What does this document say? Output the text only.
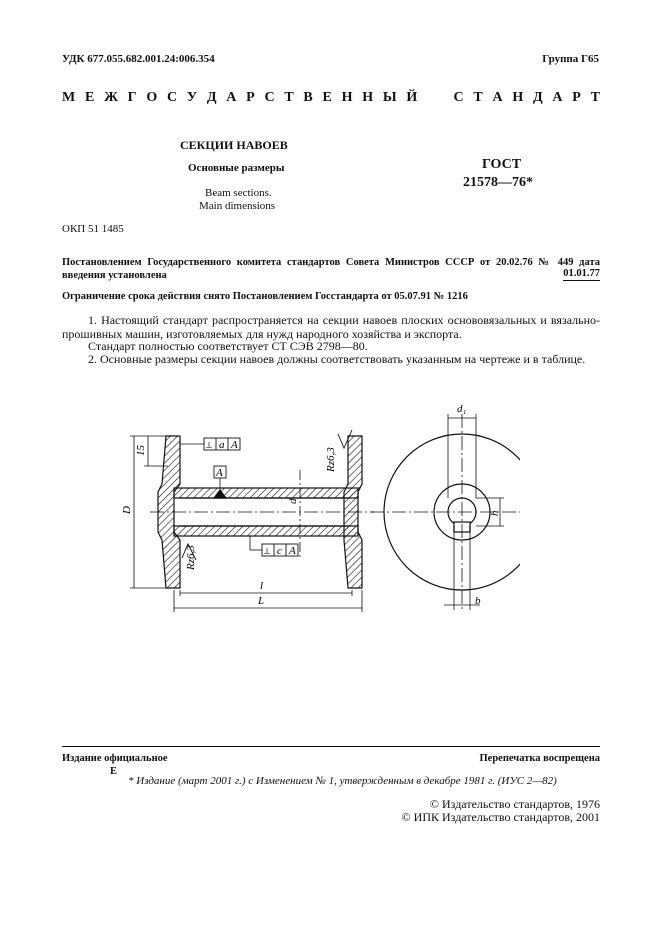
УДК 677.055.682.001.24:006.354	Группа Г65
М Е Ж Г О С У Д А Р С Т В Е Н Н Ы Й

	С Т А Н Д А Р Т
СЕКЦИИ НАВОЕВ
Основные размеры
Beam sections.
Main dimensions
ГОСТ
21578—76*
ОКП 51 1485
Постановлением Государственного комитета стандартов Совета Министров СССР от 20.02.76 № 449 дата введения установлена	01.01.77
Ограничение срока действия снято Постановлением Госстандарта от 05.07.91 № 1216
1. Настоящий стандарт распространяется на секции навоев плоских основовязальных и вязально-прошивных машин, изготовляемых для нужд народного хозяйства и экспорта.
Стандарт полностью соответствует СТ СЭВ 2798—80.
2. Основные размеры секции навоев должны соответствовать указанным на чертеже и в таблице.
15
D
d
l
L
d₁
h
b
Rz6,3
Rz6,3
⟂ а А
А
⟂ с А
Издание официальное	Перепечатка воспрещена
Е
* Издание (март 2001 г.) с Изменением № 1, утвержденным в декабре 1981 г. (ИУС 2—82)
© Издательство стандартов, 1976
© ИПК Издательство стандартов, 2001
